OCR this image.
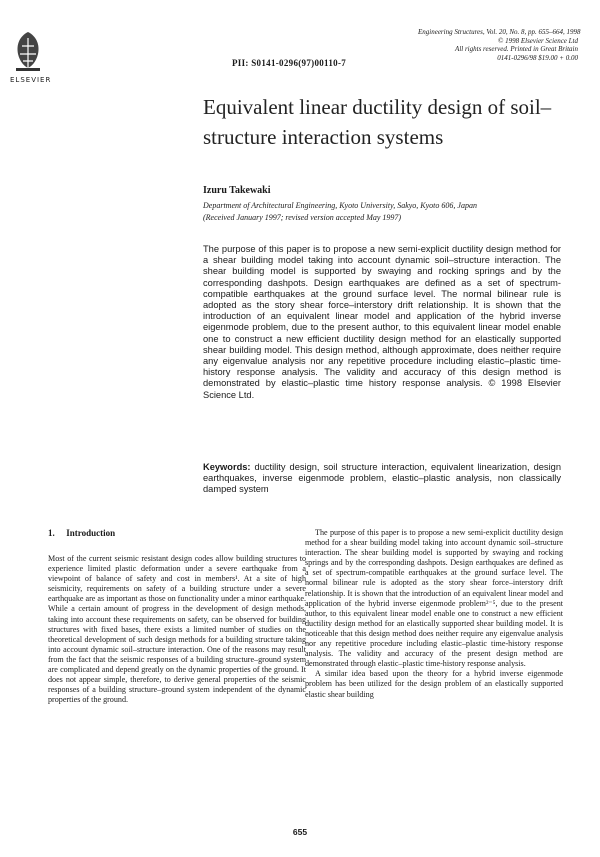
ELSEVIER
PII: S0141-0296(97)00110-7
Engineering Structures, Vol. 20, No. 8, pp. 655–664, 1998
© 1998 Elsevier Science Ltd
All rights reserved. Printed in Great Britain
0141-0296/98 $19.00 + 0.00
Equivalent linear ductility design of soil–structure interaction systems
Izuru Takewaki
Department of Architectural Engineering, Kyoto University, Sakyo, Kyoto 606, Japan
(Received January 1997; revised version accepted May 1997)
The purpose of this paper is to propose a new semi-explicit ductility design method for a shear building model taking into account dynamic soil–structure interaction. The shear building model is supported by swaying and rocking springs and by the corresponding dashpots. Design earthquakes are defined as a set of spectrum-compatible earthquakes at the ground surface level. The normal bilinear rule is adopted as the story shear force–interstory drift relationship. It is shown that the introduction of an equivalent linear model and application of the hybrid inverse eigenmode problem, due to the present author, to this equivalent linear model enable one to construct a new efficient ductility design method for an elastically supported shear building model. This design method, although approximate, does neither require any eigenvalue analysis nor any repetitive procedure including elastic–plastic time-history response analysis. The validity and accuracy of this design method is demonstrated by elastic–plastic time history response analysis. © 1998 Elsevier Science Ltd.
Keywords: ductility design, soil structure interaction, equivalent linearization, design earthquakes, inverse eigenmode problem, elastic–plastic analysis, non classically damped system
1. Introduction

Most of the current seismic resistant design codes allow building structures to experience limited plastic deformation under a severe earthquake from a viewpoint of balance of safety and cost in members¹. At a site of high seismicity, requirements on safety of a building structure under a severe earthquake are as important as those on functionality under a minor earthquake. While a certain amount of progress in the development of design methods, taking into account these requirements on safety, can be observed for building structures with fixed bases, there exists a limited number of studies on the theoretical development of such design methods for a building structure taking into account dynamic soil–structure interaction. One of the reasons may result from the fact that the seismic responses of a building structure–ground system are complicated and depend greatly on the dynamic properties of the ground. It does not appear simple, therefore, to derive general properties of the seismic responses of a building structure–ground system independent of the dynamic properties of the ground.

The purpose of this paper is to propose a new semi-explicit ductility design method for a shear building model taking into account dynamic soil–structure interaction. The shear building model is supported by swaying and rocking springs and by the corresponding dashpots. Design earthquakes are defined as a set of spectrum-compatible earthquakes at the ground surface level. The normal bilinear rule is adopted as the story shear force–interstory drift relationship. It is shown that the introduction of an equivalent linear model and application of the hybrid inverse eigenmode problem²⁻⁵, due to the present author, to this equivalent linear model enable one to construct a new efficient ductility design method for an elastically supported shear building model. It is noticeable that this design method does neither require any eigenvalue analysis nor any repetitive procedure including elastic–plastic time-history response analysis. The validity and accuracy of the present design method are demonstrated through elastic–plastic time-history response analysis.

A similar idea based upon the theory for a hybrid inverse eigenmode problem has been utilized for the design problem of an elastically supported elastic shear building

655
